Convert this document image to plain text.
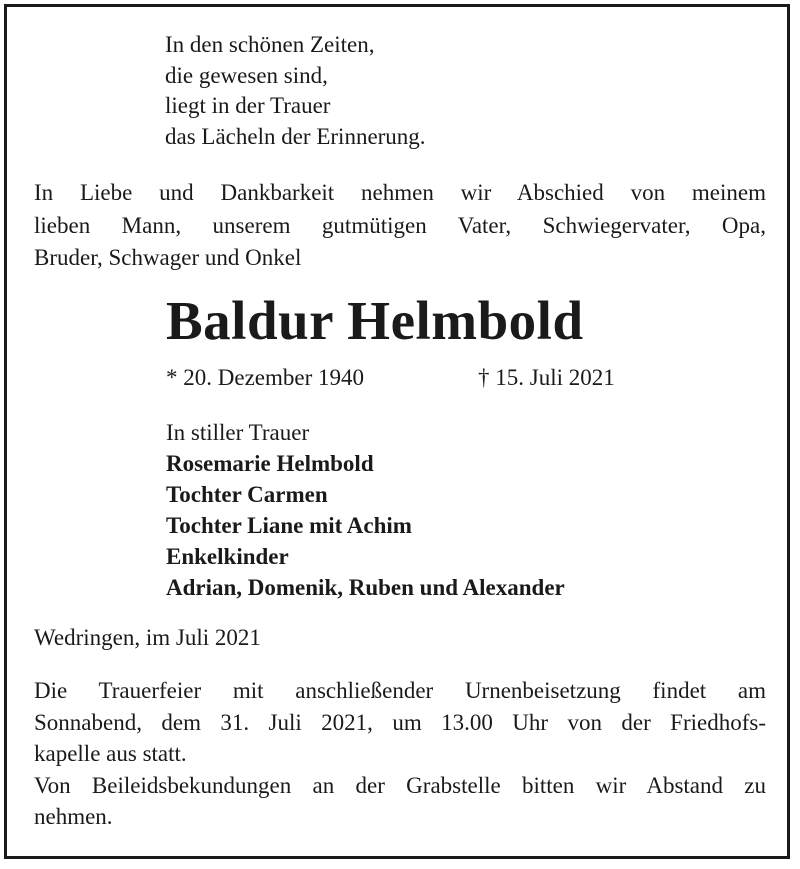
In den schönen Zeiten,
die gewesen sind,
liegt in der Trauer
das Lächeln der Erinnerung.
In Liebe und Dankbarkeit nehmen wir Abschied von meinem
lieben Mann, unserem gutmütigen Vater, Schwiegervater, Opa,
Bruder, Schwager und Onkel
Baldur Helmbold
* 20. Dezember 1940	† 15. Juli 2021
In stiller Trauer
Rosemarie Helmbold
Tochter Carmen
Tochter Liane mit Achim
Enkelkinder
Adrian, Domenik, Ruben und Alexander
Wedringen, im Juli 2021
Die Trauerfeier mit anschließender Urnenbeisetzung findet am
Sonnabend, dem 31. Juli 2021, um 13.00 Uhr von der Friedhofs-
kapelle aus statt.
Von Beileidsbekundungen an der Grabstelle bitten wir Abstand zu
nehmen.
